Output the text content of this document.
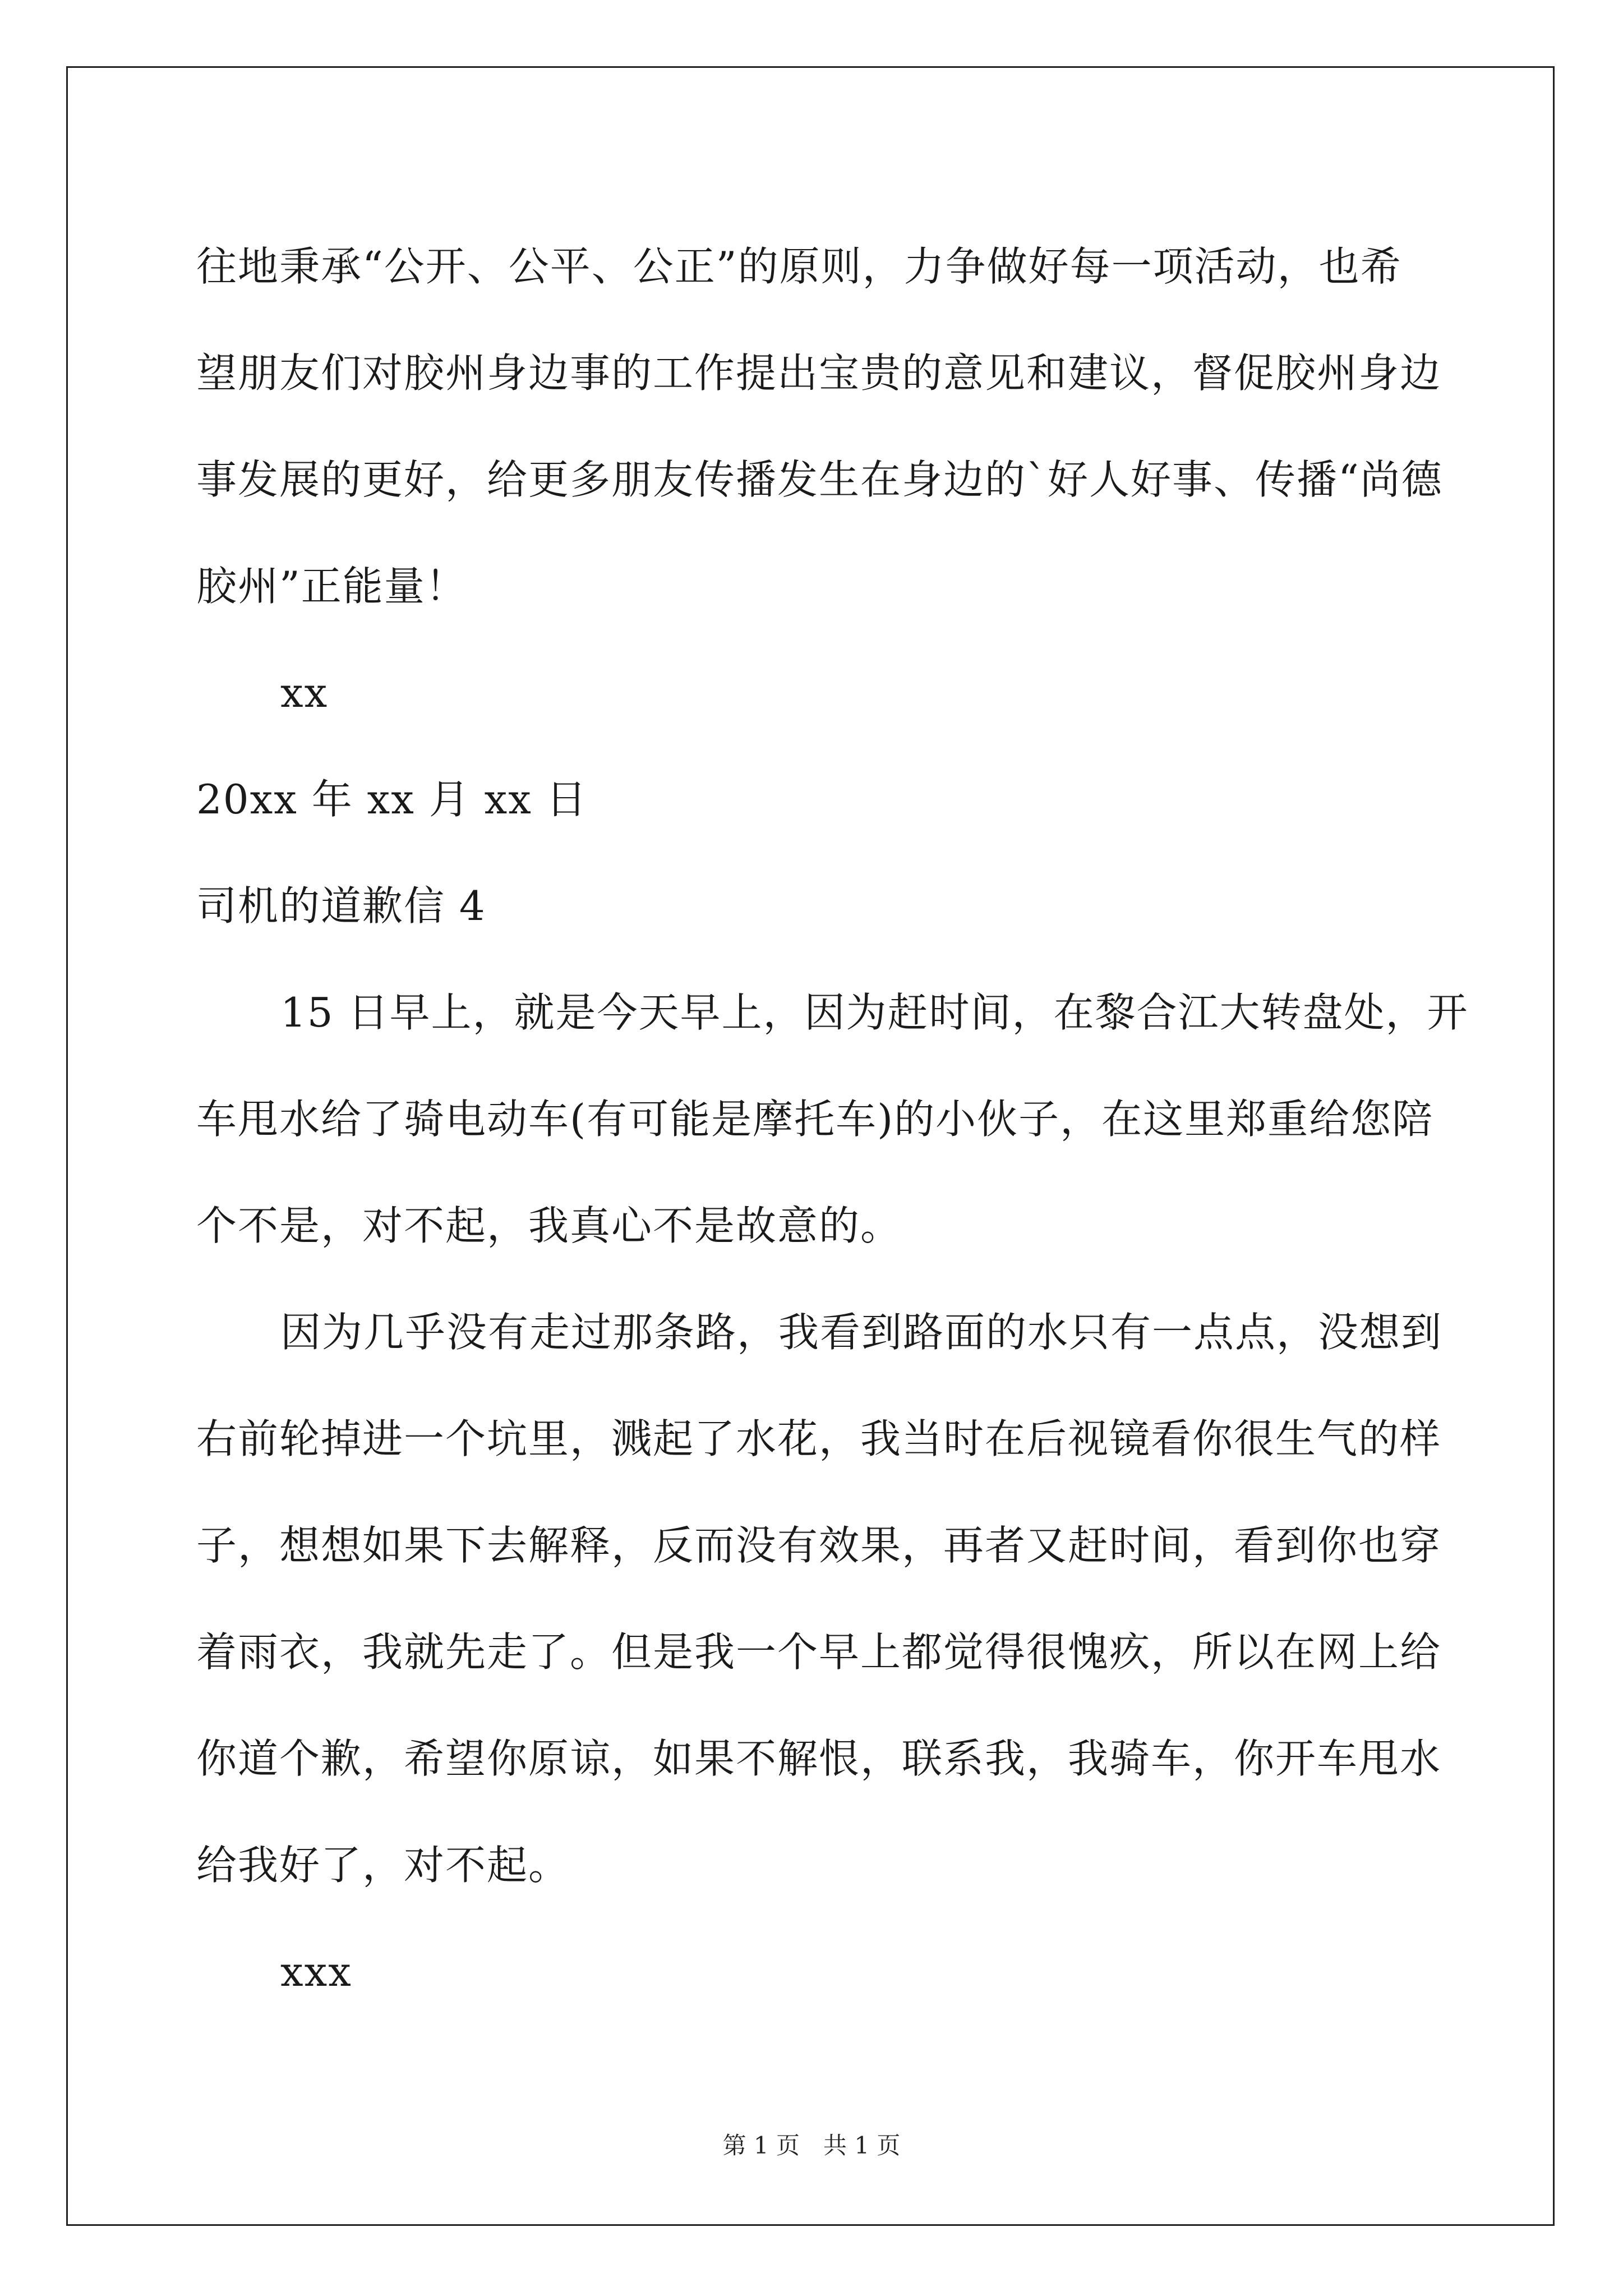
往地秉承“公开、公平、公正”的原则，力争做好每一项活动，也希

望朋友们对胶州身边事的工作提出宝贵的意见和建议，督促胶州身边

事发展的更好，给更多朋友传播发生在身边的`好人好事、传播“尚德

胶州”正能量！

xx

20xx 年 xx 月 xx 日

司机的道歉信 4

15 日早上，就是今天早上，因为赶时间，在黎合江大转盘处，开

车甩水给了骑电动车(有可能是摩托车)的小伙子，在这里郑重给您陪

个不是，对不起，我真心不是故意的。

因为几乎没有走过那条路，我看到路面的水只有一点点，没想到

右前轮掉进一个坑里，溅起了水花，我当时在后视镜看你很生气的样

子，想想如果下去解释，反而没有效果，再者又赶时间，看到你也穿

着雨衣，我就先走了。但是我一个早上都觉得很愧疚，所以在网上给

你道个歉，希望你原谅，如果不解恨，联系我，我骑车，你开车甩水

给我好了，对不起。

xxx

第 1 页　共 1 页
